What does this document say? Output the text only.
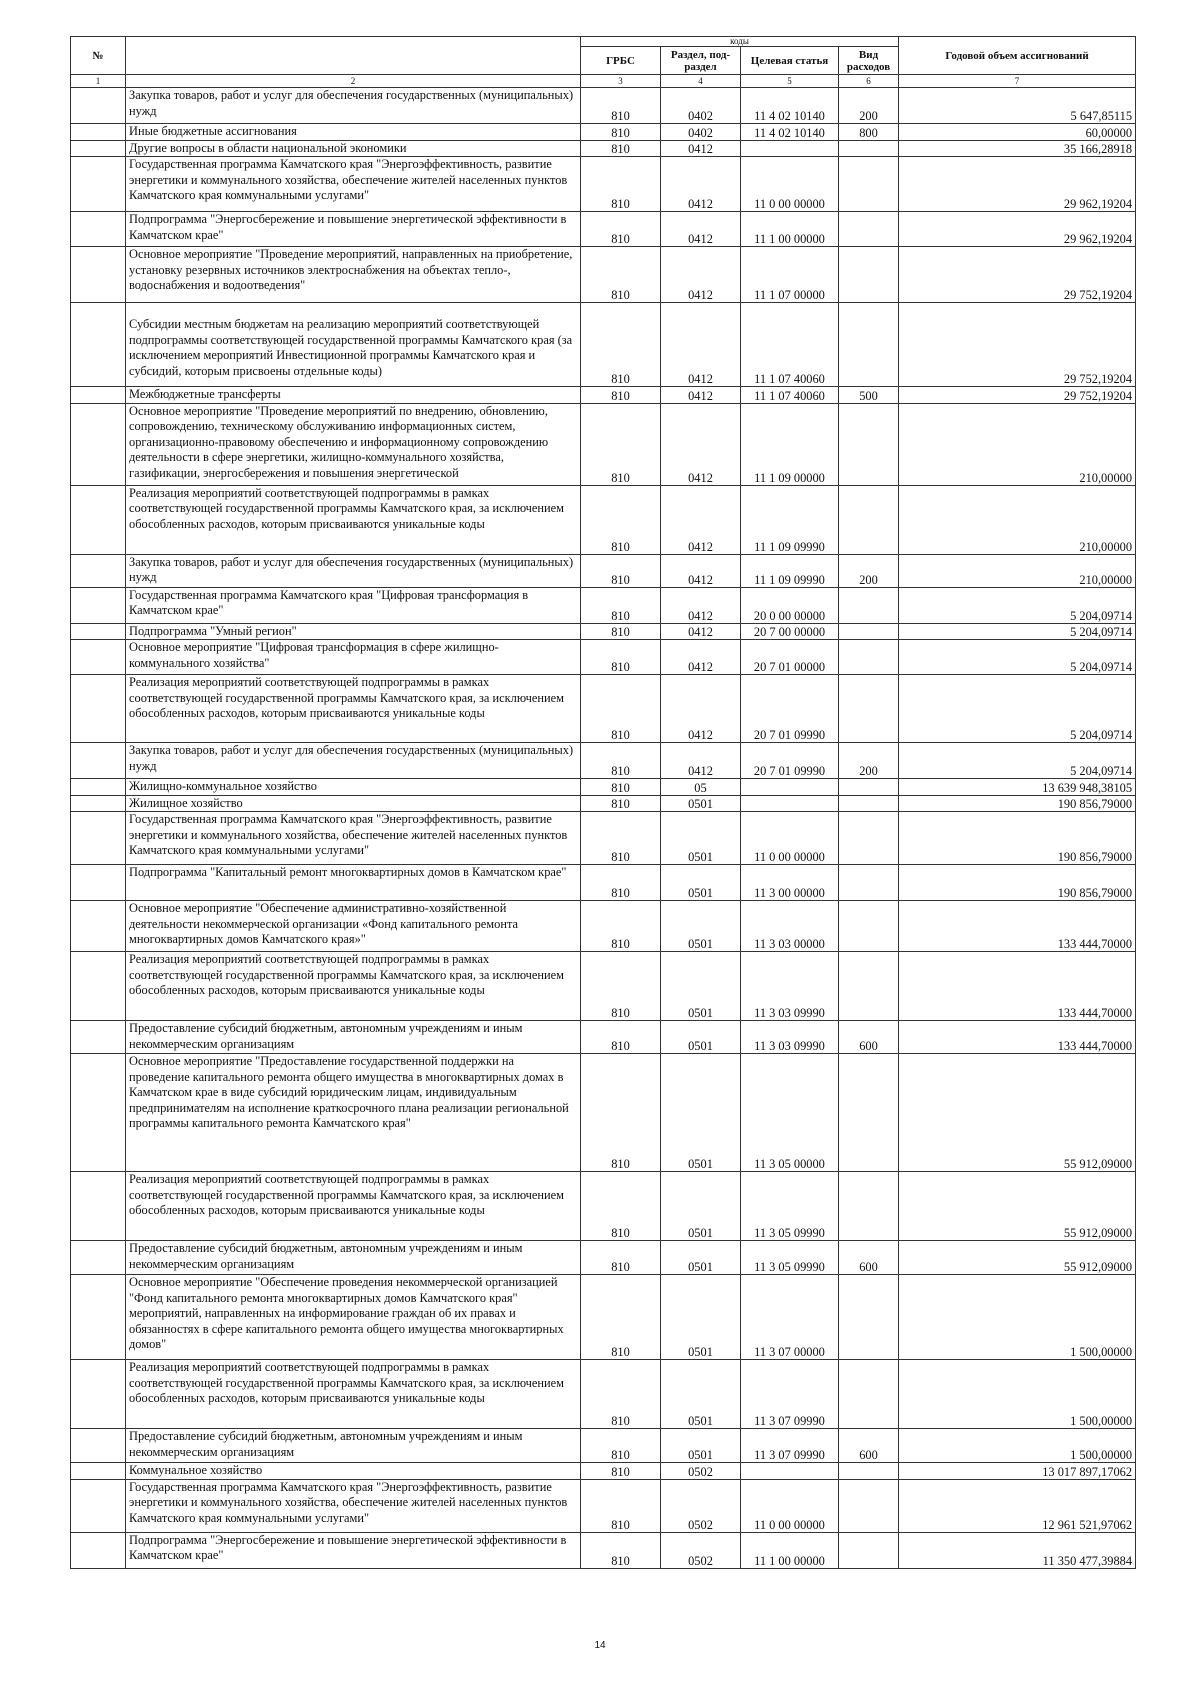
№		коды				Годовой объем ассигнований
		ГРБС	Раздел, под-раздел	Целевая статья	Вид расходов	
1	2	3	4	5	6	7
	Закупка товаров, работ и услуг для обеспечения государственных (муниципальных) нужд	810	0402	11 4 02 10140	200	5 647,85115
	Иные бюджетные ассигнования	810	0402	11 4 02 10140	800	60,00000
	Другие вопросы в области национальной экономики	810	0412			35 166,28918
	Государственная программа Камчатского края "Энергоэффективность, развитие энергетики и коммунального хозяйства, обеспечение жителей населенных пунктов Камчатского края коммунальными услугами"	810	0412	11 0 00 00000		29 962,19204
	Подпрограмма "Энергосбережение и повышение энергетической эффективности в Камчатском крае"	810	0412	11 1 00 00000		29 962,19204
	Основное мероприятие "Проведение мероприятий, направленных на приобретение, установку резервных источников электроснабжения на объектах тепло-, водоснабжения и водоотведения"	810	0412	11 1 07 00000		29 752,19204
	Субсидии местным бюджетам на реализацию мероприятий соответствующей подпрограммы соответствующей государственной программы Камчатского края (за исключением мероприятий Инвестиционной программы Камчатского края и субсидий, которым присвоены отдельные коды)	810	0412	11 1 07 40060		29 752,19204
	Межбюджетные трансферты	810	0412	11 1 07 40060	500	29 752,19204
	Основное мероприятие "Проведение мероприятий по внедрению, обновлению, сопровождению, техническому обслуживанию информационных систем, организационно-правовому обеспечению и информационному сопровождению деятельности в сфере энергетики, жилищно-коммунального хозяйства, газификации, энергосбережения и повышения энергетической	810	0412	11 1 09 00000		210,00000
	Реализация мероприятий соответствующей подпрограммы в рамках соответствующей государственной программы Камчатского края, за исключением обособленных расходов, которым присваиваются уникальные коды	810	0412	11 1 09 09990		210,00000
	Закупка товаров, работ и услуг для обеспечения государственных (муниципальных) нужд	810	0412	11 1 09 09990	200	210,00000
	Государственная программа Камчатского края "Цифровая трансформация в Камчатском крае"	810	0412	20 0 00 00000		5 204,09714
	Подпрограмма "Умный регион"	810	0412	20 7 00 00000		5 204,09714
	Основное мероприятие "Цифровая трансформация в сфере жилищно-коммунального хозяйства"	810	0412	20 7 01 00000		5 204,09714
	Реализация мероприятий соответствующей подпрограммы в рамках соответствующей государственной программы Камчатского края, за исключением обособленных расходов, которым присваиваются уникальные коды	810	0412	20 7 01 09990		5 204,09714
	Закупка товаров, работ и услуг для обеспечения государственных (муниципальных) нужд	810	0412	20 7 01 09990	200	5 204,09714
	Жилищно-коммунальное хозяйство	810	05			13 639 948,38105
	Жилищное хозяйство	810	0501			190 856,79000
	Государственная программа Камчатского края "Энергоэффективность, развитие энергетики и коммунального хозяйства, обеспечение жителей населенных пунктов Камчатского края коммунальными услугами"	810	0501	11 0 00 00000		190 856,79000
	Подпрограмма "Капитальный ремонт многоквартирных домов в Камчатском крае"	810	0501	11 3 00 00000		190 856,79000
	Основное мероприятие "Обеспечение административно-хозяйственной деятельности некоммерческой организации «Фонд капитального ремонта многоквартирных домов Камчатского края»"	810	0501	11 3 03 00000		133 444,70000
	Реализация мероприятий соответствующей подпрограммы в рамках соответствующей государственной программы Камчатского края, за исключением обособленных расходов, которым присваиваются уникальные коды	810	0501	11 3 03 09990		133 444,70000
	Предоставление субсидий бюджетным, автономным учреждениям и иным некоммерческим организациям	810	0501	11 3 03 09990	600	133 444,70000
	Основное мероприятие "Предоставление государственной поддержки на проведение капитального ремонта общего имущества в многоквартирных домах в Камчатском крае в виде субсидий юридическим лицам, индивидуальным предпринимателям на исполнение краткосрочного плана реализации региональной программы капитального ремонта Камчатского края"	810	0501	11 3 05 00000		55 912,09000
	Реализация мероприятий соответствующей подпрограммы в рамках соответствующей государственной программы Камчатского края, за исключением обособленных расходов, которым присваиваются уникальные коды	810	0501	11 3 05 09990		55 912,09000
	Предоставление субсидий бюджетным, автономным учреждениям и иным некоммерческим организациям	810	0501	11 3 05 09990	600	55 912,09000
	Основное мероприятие "Обеспечение проведения некоммерческой организацией "Фонд капитального ремонта многоквартирных домов Камчатского края" мероприятий, направленных на информирование граждан об их правах и обязанностях в сфере капитального ремонта общего имущества многоквартирных домов"	810	0501	11 3 07 00000		1 500,00000
	Реализация мероприятий соответствующей подпрограммы в рамках соответствующей государственной программы Камчатского края, за исключением обособленных расходов, которым присваиваются уникальные коды	810	0501	11 3 07 09990		1 500,00000
	Предоставление субсидий бюджетным, автономным учреждениям и иным некоммерческим организациям	810	0501	11 3 07 09990	600	1 500,00000
	Коммунальное хозяйство	810	0502			13 017 897,17062
	Государственная программа Камчатского края "Энергоэффективность, развитие энергетики и коммунального хозяйства, обеспечение жителей населенных пунктов Камчатского края коммунальными услугами"	810	0502	11 0 00 00000		12 961 521,97062
	Подпрограмма "Энергосбережение и повышение энергетической эффективности в Камчатском крае"	810	0502	11 1 00 00000		11 350 477,39884
14
